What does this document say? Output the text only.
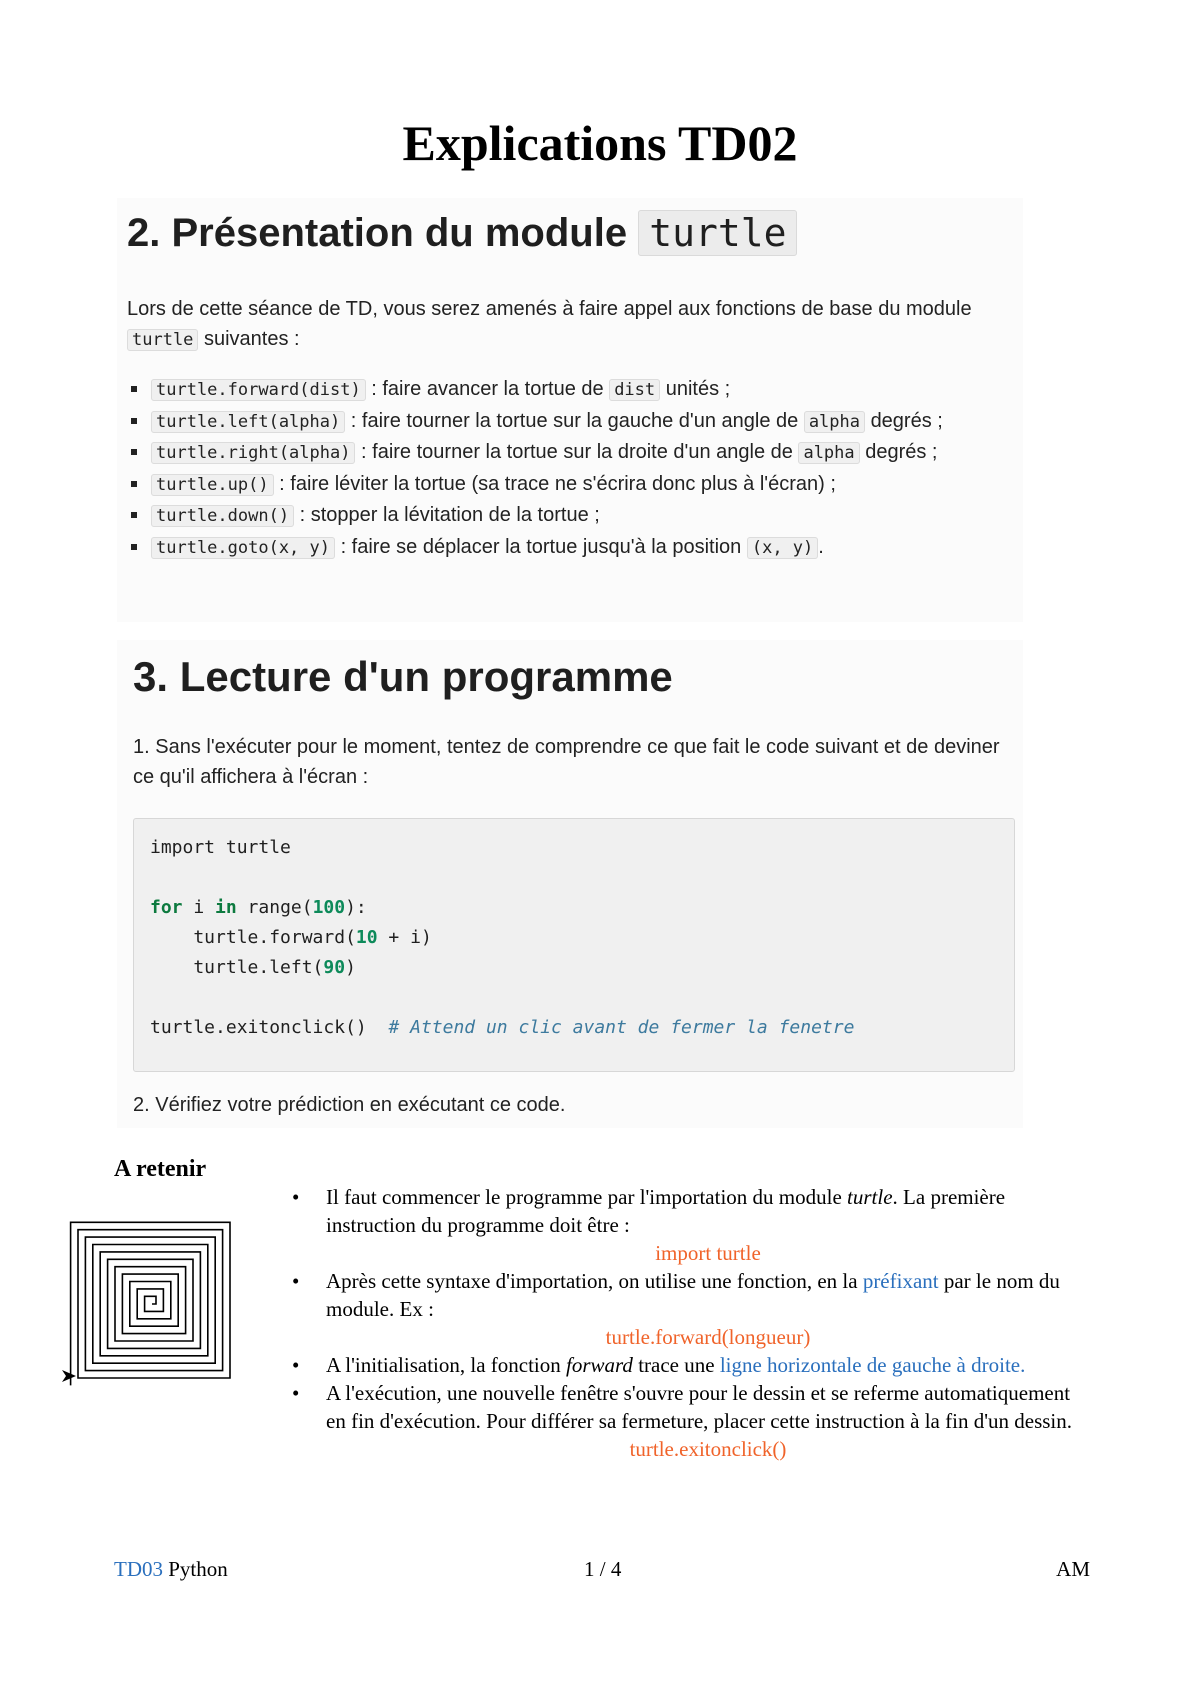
Explications TD02
2. Présentation du module turtle

Lors de cette séance de TD, vous serez amenés à faire appel aux fonctions de base du module turtle suivantes :

turtle.forward(dist) : faire avancer la tortue de dist unités ;
turtle.left(alpha) : faire tourner la tortue sur la gauche d'un angle de alpha degrés ;
turtle.right(alpha) : faire tourner la tortue sur la droite d'un angle de alpha degrés ;
turtle.up() : faire léviter la tortue (sa trace ne s'écrira donc plus à l'écran) ;
turtle.down() : stopper la lévitation de la tortue ;
turtle.goto(x, y) : faire se déplacer la tortue jusqu'à la position (x, y) .
3. Lecture d'un programme

1. Sans l'exécuter pour le moment, tentez de comprendre ce que fait le code suivant et de deviner ce qu'il affichera à l'écran :

import turtle

for i in range(100):
turtle.forward(10 + i)
turtle.left(90)

turtle.exitonclick() # Attend un clic avant de fermer la fenetre

2. Vérifiez votre prédiction en exécutant ce code.

A retenir
• Il faut commencer le programme par l'importation du module turtle. La première instruction du programme doit être :
import turtle
• Après cette syntaxe d'importation, on utilise une fonction, en la préfixant par le nom du module. Ex :
turtle.forward(longueur)
• A l'initialisation, la fonction forward trace une ligne horizontale de gauche à droite.
• A l'exécution, une nouvelle fenêtre s'ouvre pour le dessin et se referme automatiquement en fin d'exécution. Pour différer sa fermeture, placer cette instruction à la fin d'un dessin.
turtle.exitonclick()
TD03 Python	1 / 4	AM
